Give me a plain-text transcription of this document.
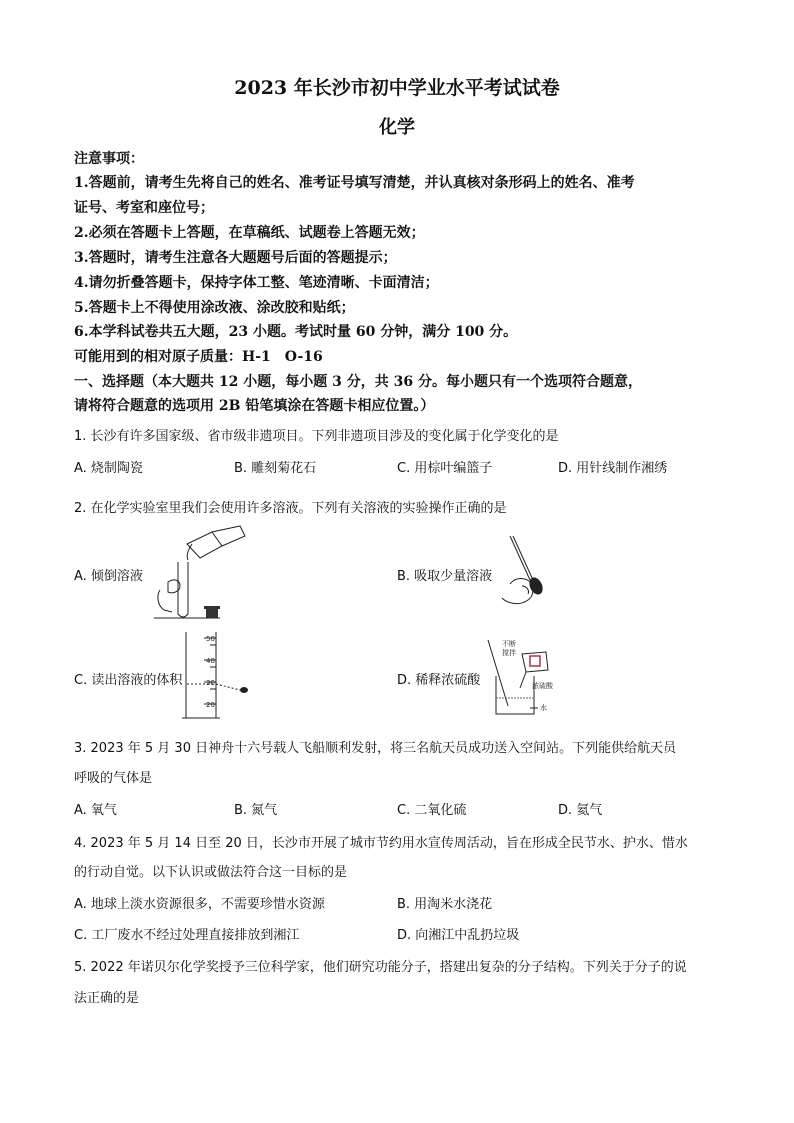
2023 年长沙市初中学业水平考试试卷
化学
注意事项：
1.答题前，请考生先将自己的姓名、准考证号填写清楚，并认真核对条形码上的姓名、准考
证号、考室和座位号；
2.必须在答题卡上答题，在草稿纸、试题卷上答题无效；
3.答题时，请考生注意各大题题号后面的答题提示；
4.请勿折叠答题卡，保持字体工整、笔迹清晰、卡面清洁；
5.答题卡上不得使用涂改液、涂改胶和贴纸；
6.本学科试卷共五大题，23 小题。考试时量 60 分钟，满分 100 分。
可能用到的相对原子质量：H-1　O-16
一、选择题（本大题共 12 小题，每小题 3 分，共 36 分。每小题只有一个选项符合题意，
请将符合题意的选项用 2B 铅笔填涂在答题卡相应位置。）
1. 长沙有许多国家级、省市级非遗项目。下列非遗项目涉及的变化属于化学变化的是
A. 烧制陶瓷	B. 雕刻菊花石	C. 用棕叶编篮子	D. 用针线制作湘绣
2. 在化学实验室里我们会使用许多溶液。下列有关溶液的实验操作正确的是
A. 倾倒溶液	B. 吸取少量溶液
C. 读出溶液的体积	D. 稀释浓硫酸
50
40
30
20
不断
搅拌
浓硫酸
水
3. 2023 年 5 月 30 日神舟十六号载人飞船顺利发射，将三名航天员成功送入空间站。下列能供给航天员
呼吸的气体是
A. 氧气	B. 氮气	C. 二氧化硫	D. 氦气
4. 2023 年 5 月 14 日至 20 日，长沙市开展了城市节约用水宣传周活动，旨在形成全民节水、护水、惜水
的行动自觉。以下认识或做法符合这一目标的是
A. 地球上淡水资源很多，不需要珍惜水资源	B. 用淘米水浇花
C. 工厂废水不经过处理直接排放到湘江	D. 向湘江中乱扔垃圾
5. 2022 年诺贝尔化学奖授予三位科学家，他们研究功能分子，搭建出复杂的分子结构。下列关于分子的说
法正确的是
